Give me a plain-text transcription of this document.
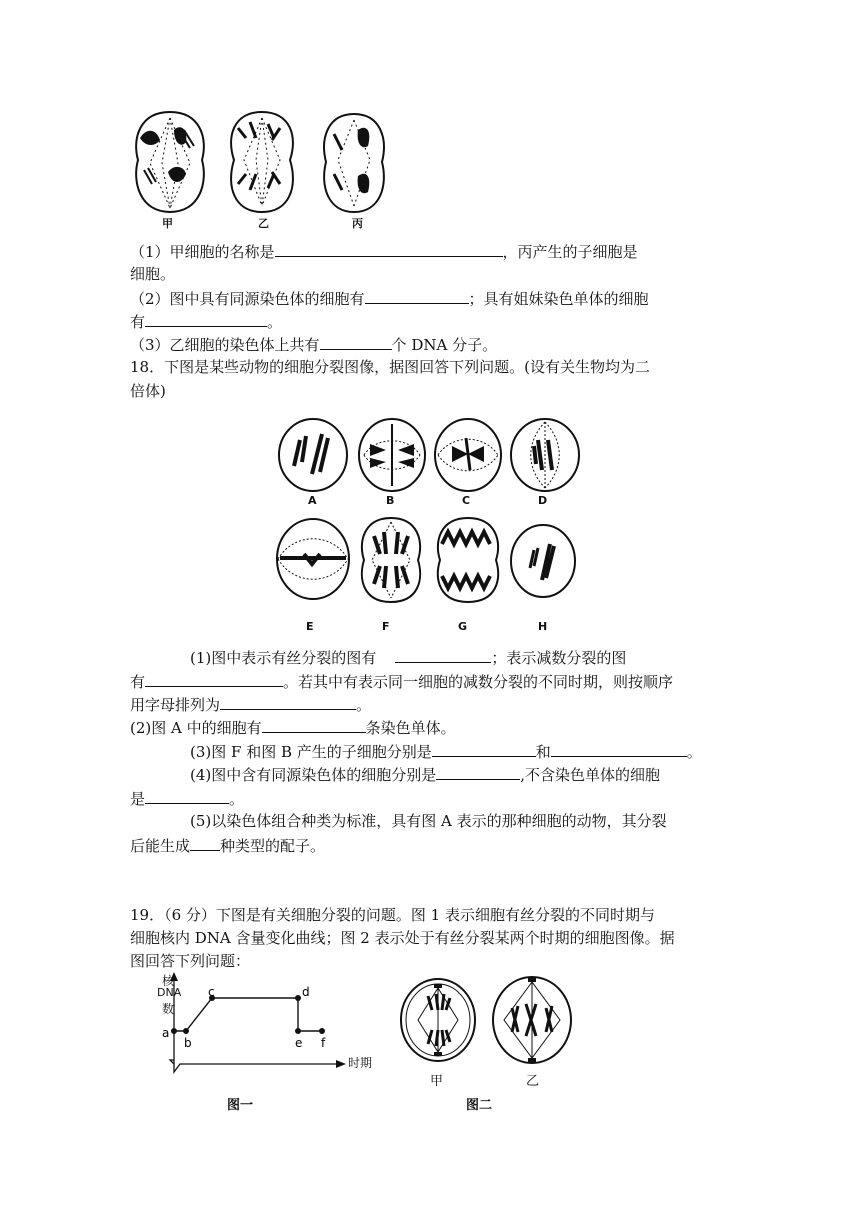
甲	乙	丙
（1）甲细胞的名称是	，丙产生的子细胞是
细胞。
（2）图中具有同源染色体的细胞有	；具有姐妹染色单体的细胞
有	。
（3）乙细胞的染色体上共有	个 DNA 分子。
18．下图是某些动物的细胞分裂图像，据图回答下列问题。(设有关生物均为二
倍体)
A	B	C	D
E	F	G	H
(1)图中表示有丝分裂的图有	；表示减数分裂的图
有	。若其中有表示同一细胞的减数分裂的不同时期，则按顺序
用字母排列为	。
(2)图 A 中的细胞有	条染色单体。
(3)图 F 和图 B 产生的子细胞分别是	和	。
(4)图中含有同源染色体的细胞分别是	,不含染色单体的细胞
是	。
(5)以染色体组合种类为标准，具有图 A 表示的那种细胞的动物，其分裂
后能生成 种类型的配子。
19．（6 分）下图是有关细胞分裂的问题。图 1 表示细胞有丝分裂的不同时期与
细胞核内 DNA 含量变化曲线；图 2 表示处于有丝分裂某两个时期的细胞图像。据
图回答下列问题：
a
b
c	d
e f
核
DNA
数
时期
图一
甲	乙
图二
